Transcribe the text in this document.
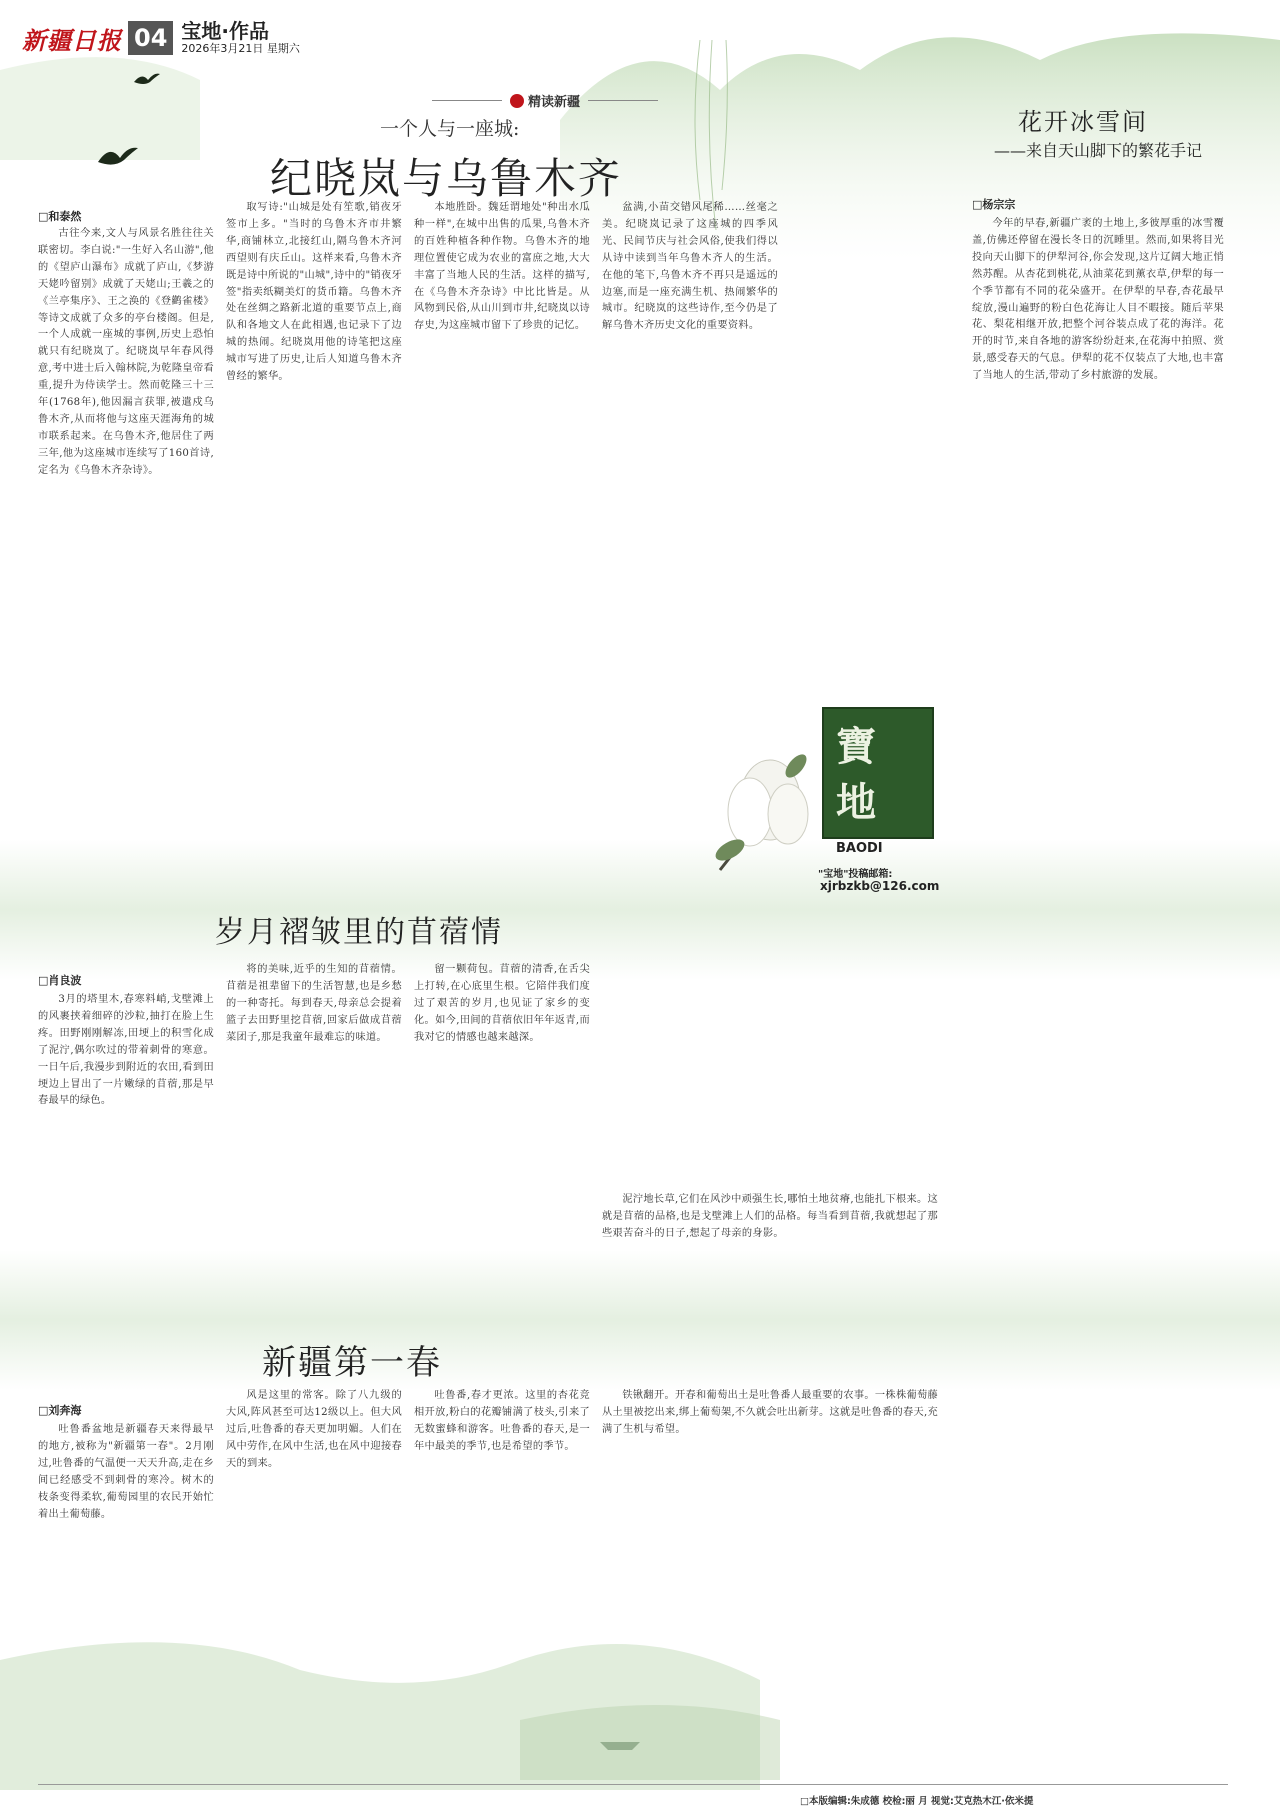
新疆日报 04 宝地·作品
2026年3月21日 星期六
精读新疆
一个人与一座城:
纪晓岚与乌鲁木齐
□和泰然

古往今来,文人与风景名胜往往关联密切。李白说:"一生好入名山游",他的《望庐山瀑布》成就了庐山,《梦游天姥吟留别》成就了天姥山;王羲之的《兰亭集序》、王之涣的《登鹳雀楼》等诗文成就了众多的亭台楼阁。但是,一个人成就一座城的事例,历史上恐怕就只有纪晓岚了。纪晓岚早年春风得意,考中进士后入翰林院,为乾隆皇帝看重,提升为侍读学士。然而乾隆三十三年(1768年),他因漏言获罪,被遣戍乌鲁木齐,从而将他与这座天涯海角的城市联系起来。在乌鲁木齐,他居住了两三年,他为这座城市连续写了160首诗,定名为《乌鲁木齐杂诗》。

取写诗:"山城是处有笙歌,销夜牙签市上多。"当时的乌鲁木齐市井繁华,商铺林立,北接红山,隔乌鲁木齐河西望则有庆丘山。这样来看,乌鲁木齐既是诗中所说的"山城",诗中的"销夜牙签"指卖纸糊美灯的货币籍。乌鲁木齐处在丝绸之路新北道的重要节点上,商队和各地文人在此相遇,也记录下了边城的热闹。纪晓岚用他的诗笔把这座城市写进了历史,让后人知道乌鲁木齐曾经的繁华。

本地胜卧。魏廷谓地处"种出水瓜种一样",在城中出售的瓜果,乌鲁木齐的百姓种植各种作物。乌鲁木齐的地理位置使它成为农业的富庶之地,大大丰富了当地人民的生活。这样的描写,在《乌鲁木齐杂诗》中比比皆是。从风物到民俗,从山川到市井,纪晓岚以诗存史,为这座城市留下了珍贵的记忆。

盆满,小苗交错风尾稀……丝毫之美。纪晓岚记录了这座城的四季风光、民间节庆与社会风俗,使我们得以从诗中读到当年乌鲁木齐人的生活。在他的笔下,乌鲁木齐不再只是遥远的边塞,而是一座充满生机、热闹繁华的城市。纪晓岚的这些诗作,至今仍是了解乌鲁木齐历史文化的重要资料。

花开冰雪间
——来自天山脚下的繁花手记
□杨宗宗

今年的早春,新疆广袤的土地上,多彼厚重的冰雪覆盖,仿佛还停留在漫长冬日的沉睡里。然而,如果将目光投向天山脚下的伊犁河谷,你会发现,这片辽阔大地正悄然苏醒。从杏花到桃花,从油菜花到薰衣草,伊犁的每一个季节都有不同的花朵盛开。在伊犁的早春,杏花最早绽放,漫山遍野的粉白色花海让人目不暇接。随后苹果花、梨花相继开放,把整个河谷装点成了花的海洋。花开的时节,来自各地的游客纷纷赶来,在花海中拍照、赏景,感受春天的气息。伊犁的花不仅装点了大地,也丰富了当地人的生活,带动了乡村旅游的发展。

寶
地
BAODI
"宝地"投稿邮箱:
xjrbzkb@126.com
岁月褶皱里的苜蓿情
□肖良波

3月的塔里木,春寒料峭,戈壁滩上的风裹挟着细碎的沙粒,抽打在脸上生疼。田野刚刚解冻,田埂上的积雪化成了泥泞,偶尔吹过的带着刺骨的寒意。一日午后,我漫步到附近的农田,看到田埂边上冒出了一片嫩绿的苜蓿,那是早春最早的绿色。

将的美味,近乎的生知的苜蓿情。苜蓿是祖辈留下的生活智慧,也是乡愁的一种寄托。每到春天,母亲总会提着篮子去田野里挖苜蓿,回家后做成苜蓿菜团子,那是我童年最难忘的味道。

留一颗荷包。苜蓿的清香,在舌尖上打转,在心底里生根。它陪伴我们度过了艰苦的岁月,也见证了家乡的变化。如今,田间的苜蓿依旧年年返青,而我对它的情感也越来越深。

泥泞地长草,它们在风沙中顽强生长,哪怕土地贫瘠,也能扎下根来。这就是苜蓿的品格,也是戈壁滩上人们的品格。每当看到苜蓿,我就想起了那些艰苦奋斗的日子,想起了母亲的身影。

新疆第一春
□刘奔海

吐鲁番盆地是新疆春天来得最早的地方,被称为"新疆第一春"。2月刚过,吐鲁番的气温便一天天升高,走在乡间已经感受不到刺骨的寒冷。树木的枝条变得柔软,葡萄园里的农民开始忙着出土葡萄藤。

风是这里的常客。除了八九级的大风,阵风甚至可达12级以上。但大风过后,吐鲁番的春天更加明媚。人们在风中劳作,在风中生活,也在风中迎接春天的到来。

吐鲁番,春才更浓。这里的杏花竞相开放,粉白的花瓣铺满了枝头,引来了无数蜜蜂和游客。吐鲁番的春天,是一年中最美的季节,也是希望的季节。

铁锹翻开。开春和葡萄出土是吐鲁番人最重要的农事。一株株葡萄藤从土里被挖出来,绑上葡萄架,不久就会吐出新芽。这就是吐鲁番的春天,充满了生机与希望。

□本版编辑:朱成德 校检:丽 月 视觉:艾克热木江·依米提
